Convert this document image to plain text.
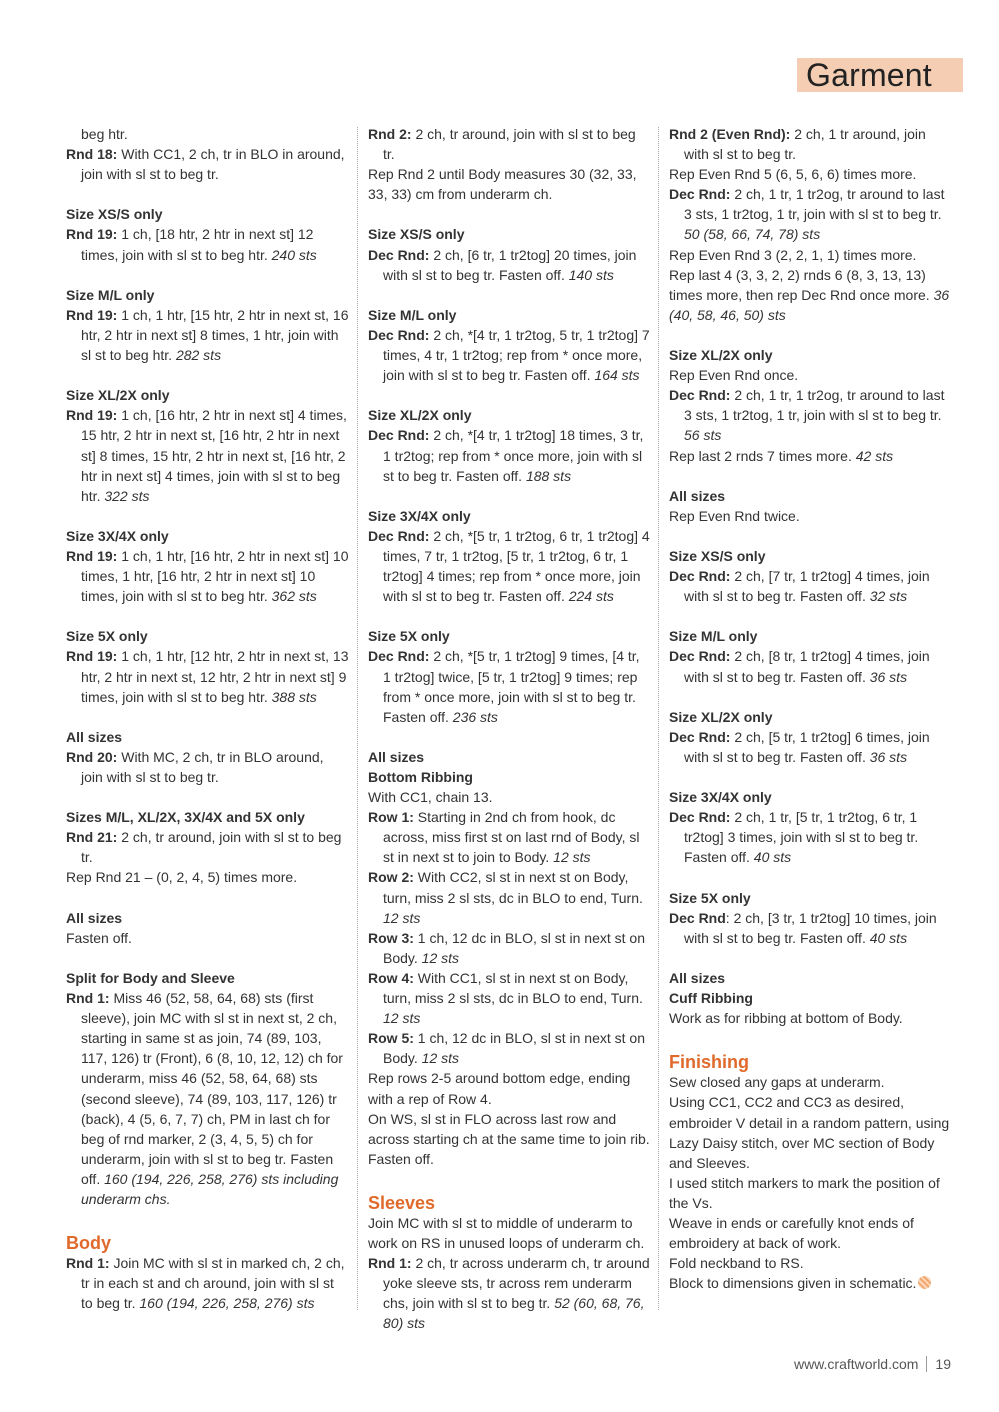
Garment

beg htr.

Rnd 18: With CC1, 2 ch, tr in BLO in around, join with sl st to beg tr.

Size XS/S only

Rnd 19: 1 ch, [18 htr, 2 htr in next st] 12 times, join with sl st to beg htr. 240 sts

Size M/L only

Rnd 19: 1 ch, 1 htr, [15 htr, 2 htr in next st, 16 htr, 2 htr in next st] 8 times, 1 htr, join with sl st to beg htr. 282 sts

Size XL/2X only

Rnd 19: 1 ch, [16 htr, 2 htr in next st] 4 times, 15 htr, 2 htr in next st, [16 htr, 2 htr in next st] 8 times, 15 htr, 2 htr in next st, [16 htr, 2 htr in next st] 4 times, join with sl st to beg htr. 322 sts

Size 3X/4X only

Rnd 19: 1 ch, 1 htr, [16 htr, 2 htr in next st] 10 times, 1 htr, [16 htr, 2 htr in next st] 10 times, join with sl st to beg htr. 362 sts

Size 5X only

Rnd 19: 1 ch, 1 htr, [12 htr, 2 htr in next st, 13 htr, 2 htr in next st, 12 htr, 2 htr in next st] 9 times, join with sl st to beg htr. 388 sts

All sizes

Rnd 20: With MC, 2 ch, tr in BLO around, join with sl st to beg tr.

Sizes M/L, XL/2X, 3X/4X and 5X only

Rnd 21: 2 ch, tr around, join with sl st to beg tr.

Rep Rnd 21 – (0, 2, 4, 5) times more.

All sizes

Fasten off.

Split for Body and Sleeve

Rnd 1: Miss 46 (52, 58, 64, 68) sts (first sleeve), join MC with sl st in next st, 2 ch, starting in same st as join, 74 (89, 103, 117, 126) tr (Front), 6 (8, 10, 12, 12) ch for underarm, miss 46 (52, 58, 64, 68) sts (second sleeve), 74 (89, 103, 117, 126) tr (back), 4 (5, 6, 7, 7) ch, PM in last ch for beg of rnd marker, 2 (3, 4, 5, 5) ch for underarm, join with sl st to beg tr. Fasten off. 160 (194, 226, 258, 276) sts including underarm chs.

Body

Rnd 1: Join MC with sl st in marked ch, 2 ch, tr in each st and ch around, join with sl st to beg tr. 160 (194, 226, 258, 276) sts

Rnd 2: 2 ch, tr around, join with sl st to beg tr.

Rep Rnd 2 until Body measures 30 (32, 33, 33, 33) cm from underarm ch.

Size XS/S only

Dec Rnd: 2 ch, [6 tr, 1 tr2tog] 20 times, join with sl st to beg tr. Fasten off. 140 sts

Size M/L only

Dec Rnd: 2 ch, *[4 tr, 1 tr2tog, 5 tr, 1 tr2tog] 7 times, 4 tr, 1 tr2tog; rep from * once more, join with sl st to beg tr. Fasten off. 164 sts

Size XL/2X only

Dec Rnd: 2 ch, *[4 tr, 1 tr2tog] 18 times, 3 tr, 1 tr2tog; rep from * once more, join with sl st to beg tr. Fasten off. 188 sts

Size 3X/4X only

Dec Rnd: 2 ch, *[5 tr, 1 tr2tog, 6 tr, 1 tr2tog] 4 times, 7 tr, 1 tr2tog, [5 tr, 1 tr2tog, 6 tr, 1 tr2tog] 4 times; rep from * once more, join with sl st to beg tr. Fasten off. 224 sts

Size 5X only

Dec Rnd: 2 ch, *[5 tr, 1 tr2tog] 9 times, [4 tr, 1 tr2tog] twice, [5 tr, 1 tr2tog] 9 times; rep from * once more, join with sl st to beg tr. Fasten off. 236 sts

All sizes

Bottom Ribbing

With CC1, chain 13.

Row 1: Starting in 2nd ch from hook, dc across, miss first st on last rnd of Body, sl st in next st to join to Body. 12 sts

Row 2: With CC2, sl st in next st on Body, turn, miss 2 sl sts, dc in BLO to end, Turn. 12 sts

Row 3: 1 ch, 12 dc in BLO, sl st in next st on Body. 12 sts

Row 4: With CC1, sl st in next st on Body, turn, miss 2 sl sts, dc in BLO to end, Turn. 12 sts

Row 5: 1 ch, 12 dc in BLO, sl st in next st on Body. 12 sts

Rep rows 2-5 around bottom edge, ending with a rep of Row 4.

On WS, sl st in FLO across last row and across starting ch at the same time to join rib. Fasten off.

Sleeves

Join MC with sl st to middle of underarm to work on RS in unused loops of underarm ch.

Rnd 1: 2 ch, tr across underarm ch, tr around yoke sleeve sts, tr across rem underarm chs, join with sl st to beg tr. 52 (60, 68, 76, 80) sts

Rnd 2 (Even Rnd): 2 ch, 1 tr around, join with sl st to beg tr.

Rep Even Rnd 5 (6, 5, 6, 6) times more.

Dec Rnd: 2 ch, 1 tr, 1 tr2og, tr around to last 3 sts, 1 tr2tog, 1 tr, join with sl st to beg tr. 50 (58, 66, 74, 78) sts

Rep Even Rnd 3 (2, 2, 1, 1) times more.

Rep last 4 (3, 3, 2, 2) rnds 6 (8, 3, 13, 13) times more, then rep Dec Rnd once more. 36 (40, 58, 46, 50) sts

Size XL/2X only

Rep Even Rnd once.

Dec Rnd: 2 ch, 1 tr, 1 tr2og, tr around to last 3 sts, 1 tr2tog, 1 tr, join with sl st to beg tr. 56 sts

Rep last 2 rnds 7 times more. 42 sts

All sizes

Rep Even Rnd twice.

Size XS/S only

Dec Rnd: 2 ch, [7 tr, 1 tr2tog] 4 times, join with sl st to beg tr. Fasten off. 32 sts

Size M/L only

Dec Rnd: 2 ch, [8 tr, 1 tr2tog] 4 times, join with sl st to beg tr. Fasten off. 36 sts

Size XL/2X only

Dec Rnd: 2 ch, [5 tr, 1 tr2tog] 6 times, join with sl st to beg tr. Fasten off. 36 sts

Size 3X/4X only

Dec Rnd: 2 ch, 1 tr, [5 tr, 1 tr2tog, 6 tr, 1 tr2tog] 3 times, join with sl st to beg tr. Fasten off. 40 sts

Size 5X only

Dec Rnd: 2 ch, [3 tr, 1 tr2tog] 10 times, join with sl st to beg tr. Fasten off. 40 sts

All sizes

Cuff Ribbing

Work as for ribbing at bottom of Body.

Finishing

Sew closed any gaps at underarm.

Using CC1, CC2 and CC3 as desired, embroider V detail in a random pattern, using Lazy Daisy stitch, over MC section of Body and Sleeves.

I used stitch markers to mark the position of the Vs.

Weave in ends or carefully knot ends of embroidery at back of work.

Fold neckband to RS.

Block to dimensions given in schematic.

www.craftworld.com 19
